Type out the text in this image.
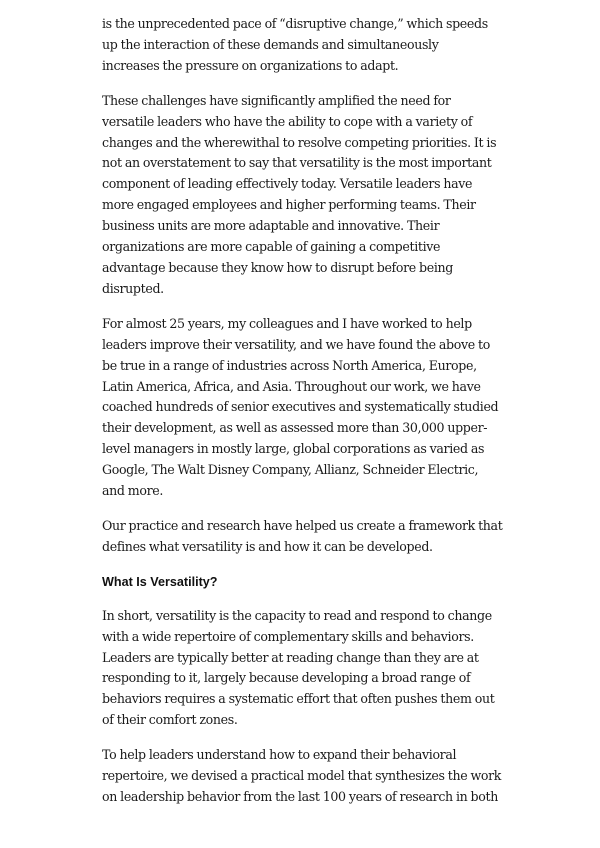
is the unprecedented pace of “disruptive change,” which speeds
up the interaction of these demands and simultaneously
increases the pressure on organizations to adapt.

These challenges have significantly amplified the need for
versatile leaders who have the ability to cope with a variety of
changes and the wherewithal to resolve competing priorities. It is
not an overstatement to say that versatility is the most important
component of leading effectively today. Versatile leaders have
more engaged employees and higher performing teams. Their
business units are more adaptable and innovative. Their
organizations are more capable of gaining a competitive
advantage because they know how to disrupt before being
disrupted.

For almost 25 years, my colleagues and I have worked to help
leaders improve their versatility, and we have found the above to
be true in a range of industries across North America, Europe,
Latin America, Africa, and Asia. Throughout our work, we have
coached hundreds of senior executives and systematically studied
their development, as well as assessed more than 30,000 upper-
level managers in mostly large, global corporations as varied as
Google, The Walt Disney Company, Allianz, Schneider Electric,
and more.

Our practice and research have helped us create a framework that
defines what versatility is and how it can be developed.

What Is Versatility?

In short, versatility is the capacity to read and respond to change
with a wide repertoire of complementary skills and behaviors.
Leaders are typically better at reading change than they are at
responding to it, largely because developing a broad range of
behaviors requires a systematic effort that often pushes them out
of their comfort zones.

To help leaders understand how to expand their behavioral
repertoire, we devised a practical model that synthesizes the work
on leadership behavior from the last 100 years of research in both
